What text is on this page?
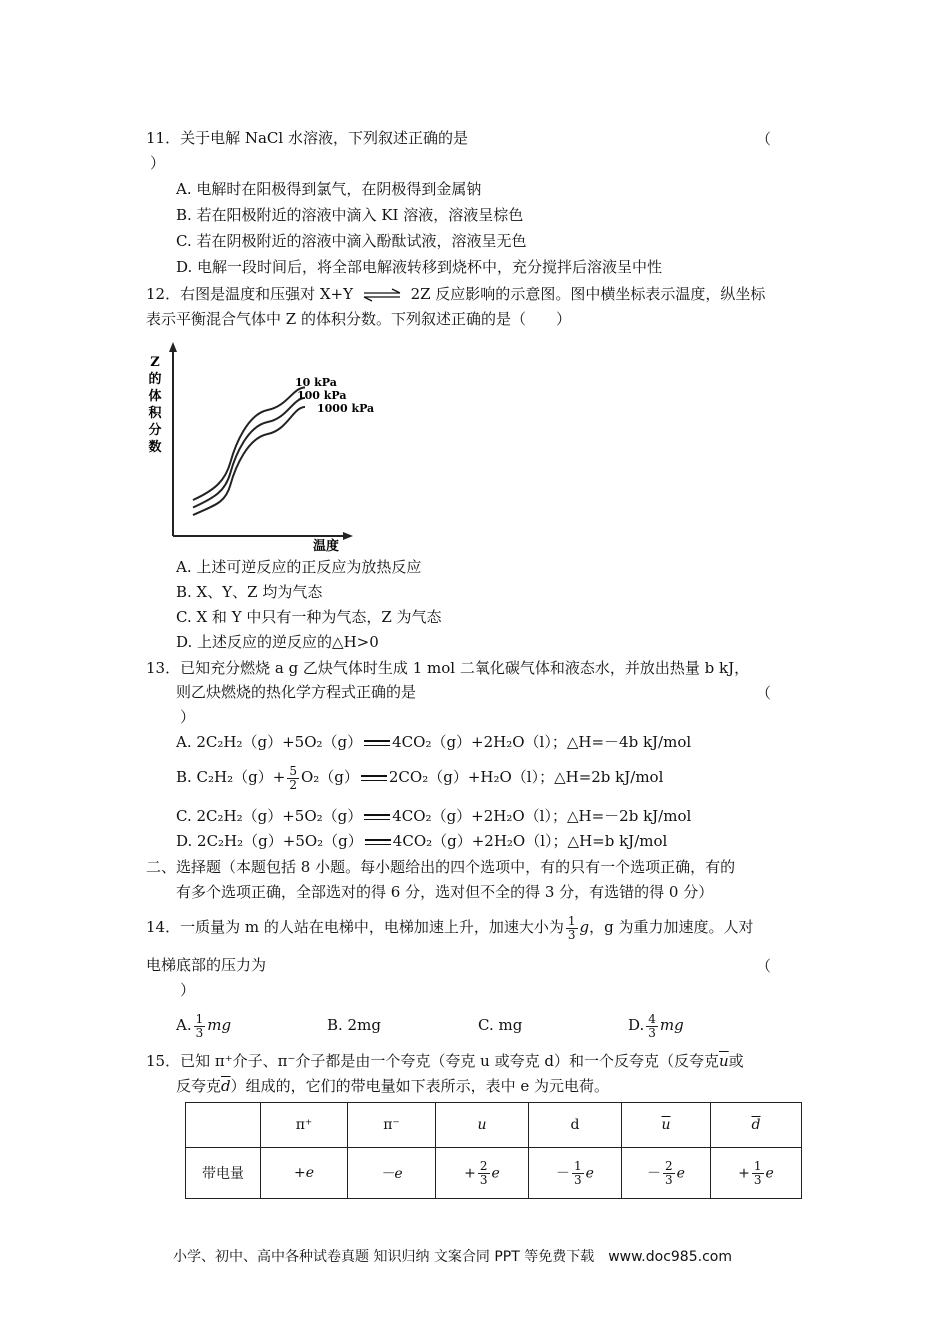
11．关于电解 NaCl 水溶液，下列叙述正确的是	（
）
A. 电解时在阳极得到氯气，在阴极得到金属钠
B. 若在阳极附近的溶液中滴入 KI 溶液，溶液呈棕色
C. 若在阴极附近的溶液中滴入酚酞试液，溶液呈无色
D. 电解一段时间后，将全部电解液转移到烧杯中，充分搅拌后溶液呈中性
12．右图是温度和压强对 X+Y ⇌ 2Z 反应影响的示意图。图中横坐标表示温度，纵坐标
表示平衡混合气体中 Z 的体积分数。下列叙述正确的是（　　）
Z
的
体
积
分
数
温度
10 kPa
100 kPa
1000 kPa
A. 上述可逆反应的正反应为放热反应
B. X、Y、Z 均为气态
C. X 和 Y 中只有一种为气态，Z 为气态
D. 上述反应的逆反应的△H>0
13．已知充分燃烧 a g 乙炔气体时生成 1 mol 二氧化碳气体和液态水，并放出热量 b kJ，
则乙炔燃烧的热化学方程式正确的是	（
）
A. 2C₂H₂（g）+5O₂（g） 4CO₂（g）+2H₂O（l）；△H=－4b kJ/mol
B. $C_2H_2(g)+ \frac{5}{2} O_2(g)$ 2CO₂（g）+H₂O（l）；△H=2b kJ/mol
C. 2C₂H₂（g）+5O₂（g） 4CO₂（g）+2H₂O（l）；△H=－2b kJ/mol
D. 2C₂H₂（g）+5O₂（g） 4CO₂（g）+2H₂O（l）；△H=b kJ/mol
二、选择题（本题包括 8 小题。每小题给出的四个选项中，有的只有一个选项正确，有的
有多个选项正确，全部选对的得 6 分，选对但不全的得 3 分，有选错的得 0 分）
14．一质量为 m 的人站在电梯中，电梯加速上升，加速大小为 $\frac{1}{3}$ g，g 为重力加速度。人对
电梯底部的压力为	（
）
A. $\frac{1}{3}$ mg	B. 2mg	C. mg	D. $\frac{4}{3}$ mg
15．已知 π⁺介子、π⁻介子都是由一个夸克（夸克 u 或夸克 d）和一个反夸克（反夸克$\overline{u}$或
反夸克$\overline{d}$）组成的，它们的带电量如下表所示，表中 e 为元电荷。
	π⁺	π⁻	u	d	$\overline{u}$	$\overline{d}$
带电量	+e	－e	+ $\frac{2}{3}$ e	－ $\frac{1}{3}$ e	－ $\frac{2}{3}$ e	+ $\frac{1}{3}$ e
小学、初中、高中各种试卷真题 知识归纳 文案合同 PPT 等免费下载　www.doc985.com
